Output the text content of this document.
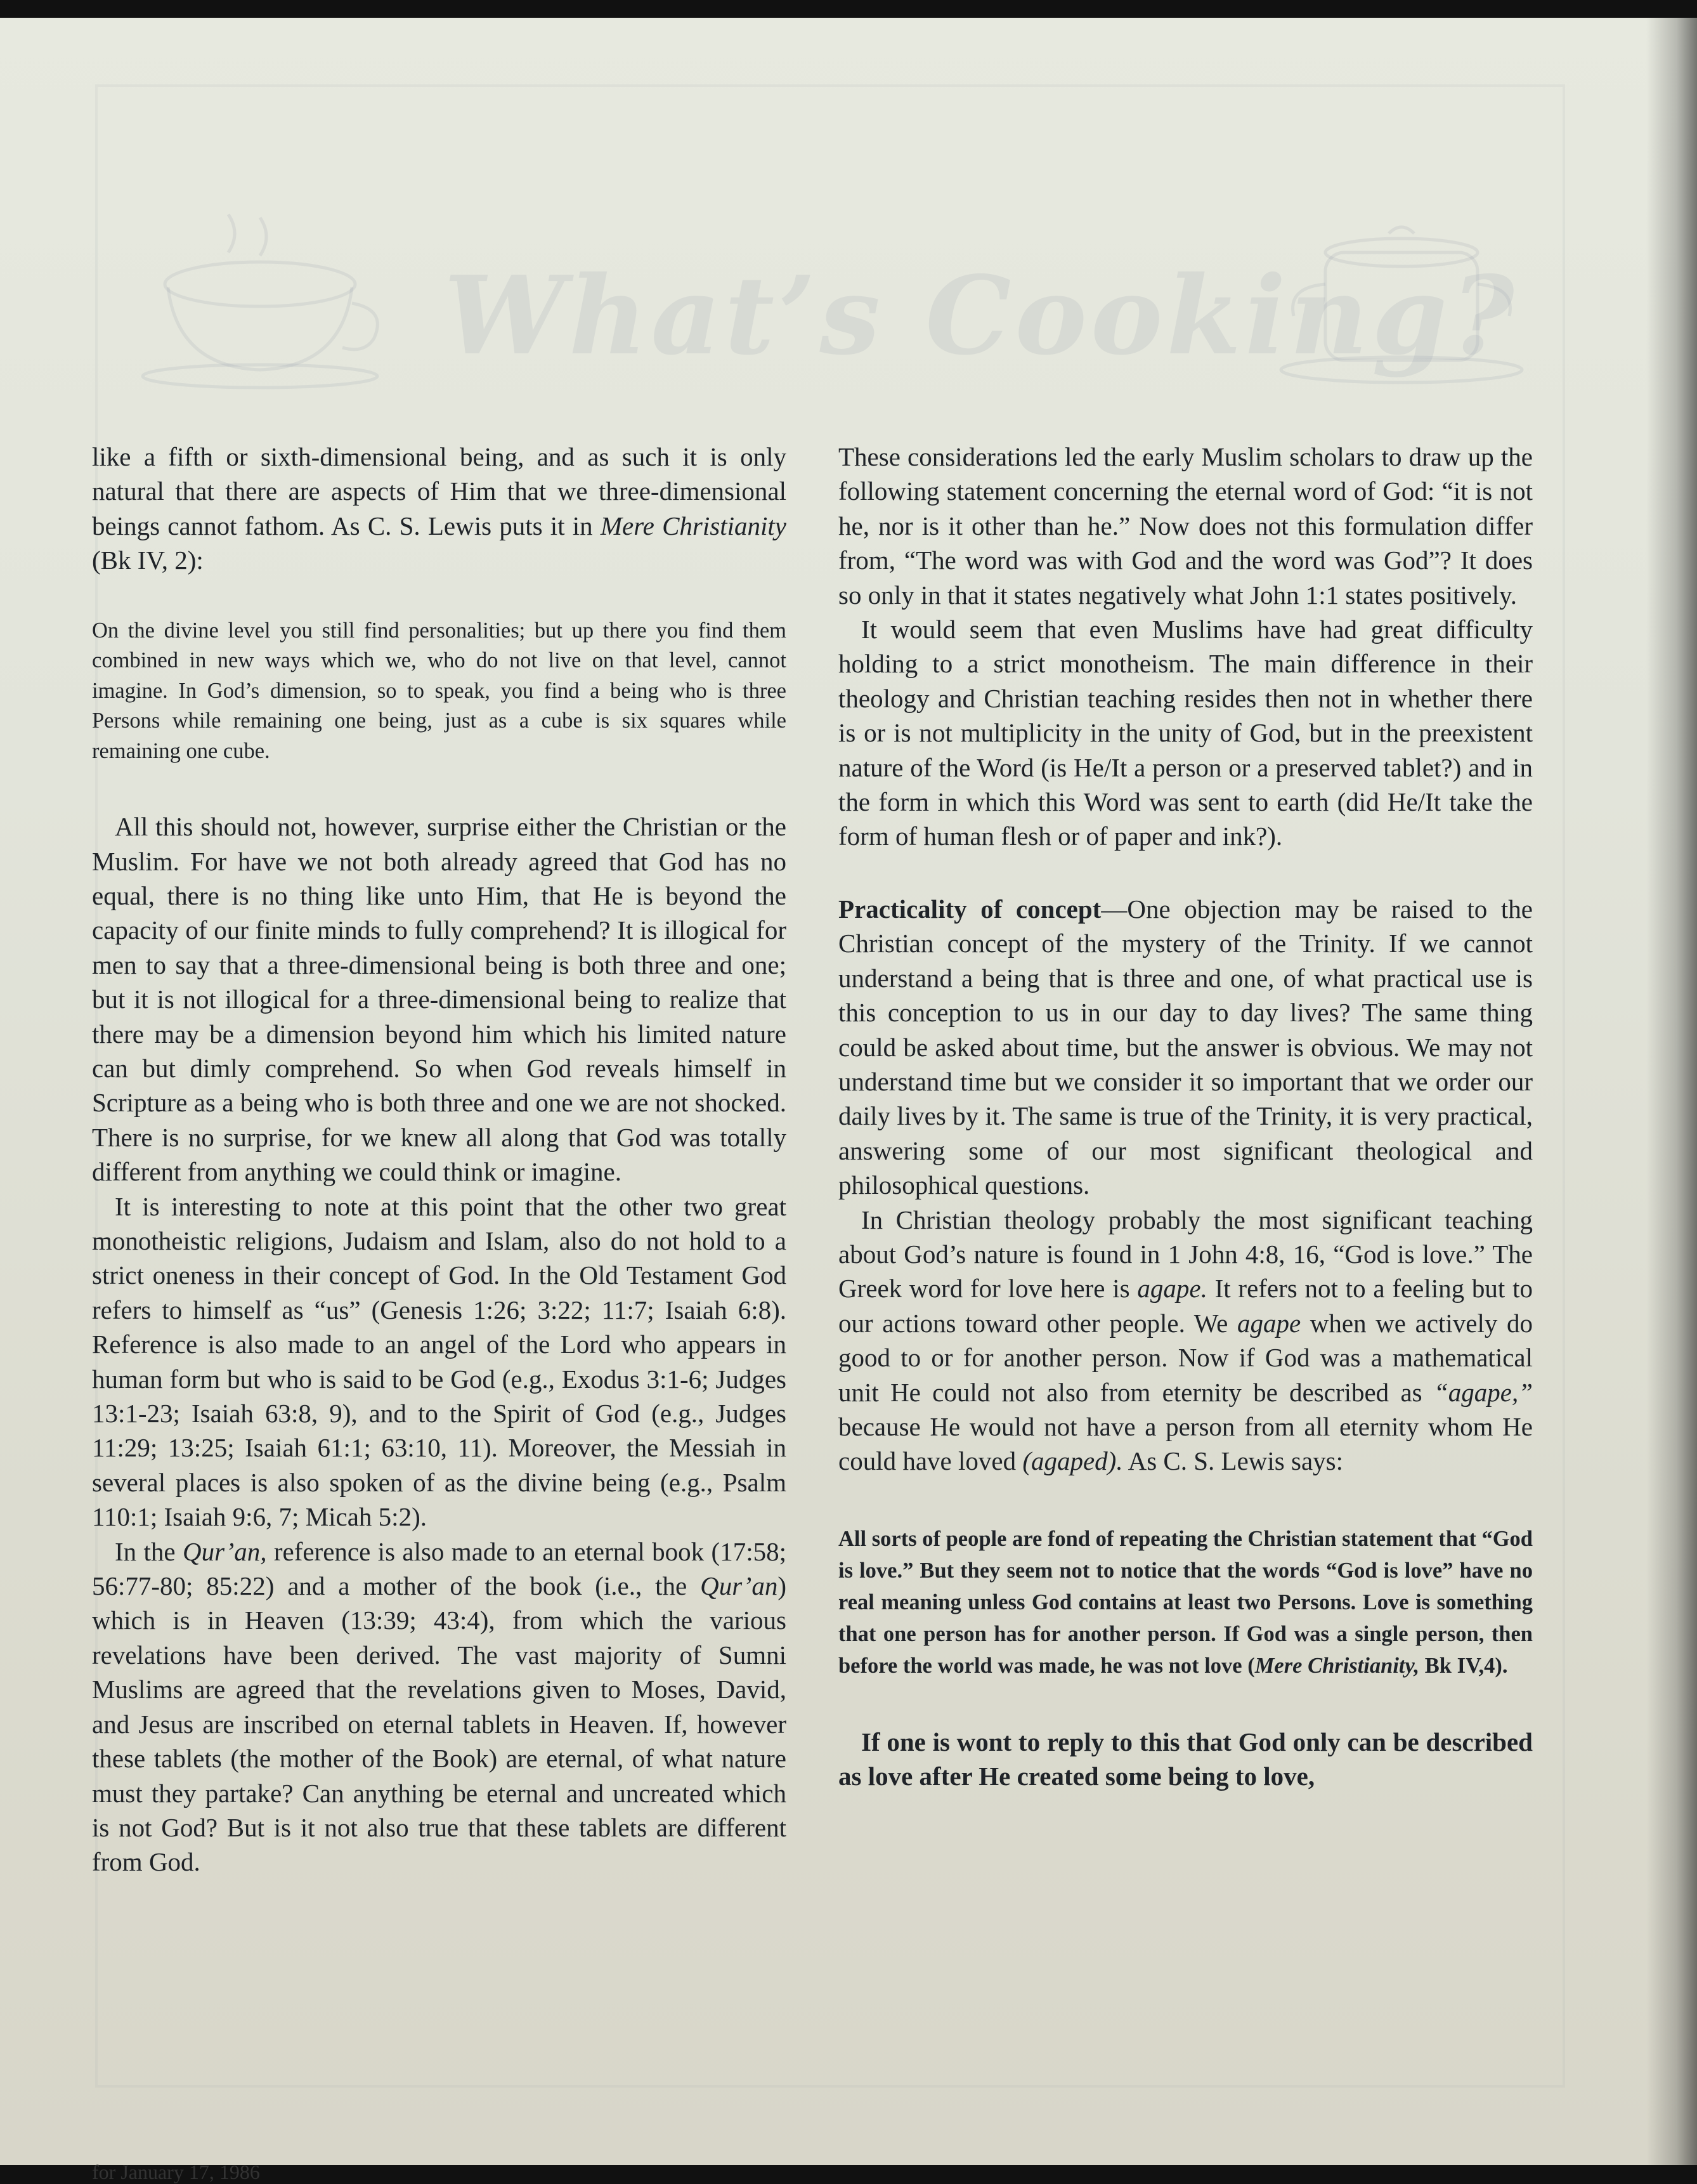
What’s Cooking?

like a fifth or sixth-dimensional being, and as such it is only natural that there are aspects of Him that we three-dimensional beings cannot fathom. As C. S. Lewis puts it in Mere Christianity (Bk IV, 2):

On the divine level you still find personalities; but up there you find them combined in new ways which we, who do not live on that level, cannot imagine. In God’s dimension, so to speak, you find a being who is three Persons while remaining one being, just as a cube is six squares while remaining one cube.

All this should not, however, surprise either the Christian or the Muslim. For have we not both already agreed that God has no equal, there is no thing like unto Him, that He is beyond the capacity of our finite minds to fully comprehend? It is illogical for men to say that a three-dimensional being is both three and one; but it is not illogical for a three-dimensional being to realize that there may be a dimension beyond him which his limited nature can but dimly comprehend. So when God reveals himself in Scripture as a being who is both three and one we are not shocked. There is no surprise, for we knew all along that God was totally different from anything we could think or imagine.

It is interesting to note at this point that the other two great monotheistic religions, Judaism and Islam, also do not hold to a strict oneness in their concept of God. In the Old Testament God refers to himself as “us” (Genesis 1:26; 3:22; 11:7; Isaiah 6:8). Reference is also made to an angel of the Lord who appears in human form but who is said to be God (e.g., Exodus 3:1-6; Judges 13:1-23; Isaiah 63:8, 9), and to the Spirit of God (e.g., Judges 11:29; 13:25; Isaiah 61:1; 63:10, 11). Moreover, the Messiah in several places is also spoken of as the divine being (e.g., Psalm 110:1; Isaiah 9:6, 7; Micah 5:2).

In the Qur’an, reference is also made to an eternal book (17:58; 56:77-80; 85:22) and a mother of the book (i.e., the Qur’an) which is in Heaven (13:39; 43:4), from which the various revelations have been derived. The vast majority of Sumni Muslims are agreed that the revelations given to Moses, David, and Jesus are inscribed on eternal tablets in Heaven. If, however these tablets (the mother of the Book) are eternal, of what nature must they partake? Can anything be eternal and uncreated which is not God? But is it not also true that these tablets are different from God.

These considerations led the early Muslim scholars to draw up the following statement concerning the eternal word of God: “it is not he, nor is it other than he.” Now does not this formulation differ from, “The word was with God and the word was God”? It does so only in that it states negatively what John 1:1 states positively.

It would seem that even Muslims have had great difficulty holding to a strict monotheism. The main difference in their theology and Christian teaching resides then not in whether there is or is not multiplicity in the unity of God, but in the preexistent nature of the Word (is He/It a person or a preserved tablet?) and in the form in which this Word was sent to earth (did He/It take the form of human flesh or of paper and ink?).

Practicality of concept—One objection may be raised to the Christian concept of the mystery of the Trinity. If we cannot understand a being that is three and one, of what practical use is this conception to us in our day to day lives? The same thing could be asked about time, but the answer is obvious. We may not understand time but we consider it so important that we order our daily lives by it. The same is true of the Trinity, it is very practical, answering some of our most significant theological and philosophical questions.

In Christian theology probably the most significant teaching about God’s nature is found in 1 John 4:8, 16, “God is love.” The Greek word for love here is agape. It refers not to a feeling but to our actions toward other people. We agape when we actively do good to or for another person. Now if God was a mathematical unit He could not also from eternity be described as “agape,” because He would not have a person from all eternity whom He could have loved (agaped). As C. S. Lewis says:

All sorts of people are fond of repeating the Christian statement that “God is love.” But they seem not to notice that the words “God is love” have no real meaning unless God contains at least two Persons. Love is something that one person has for another person. If God was a single person, then before the world was made, he was not love (Mere Christianity, Bk IV,4).

If one is wont to reply to this that God only can be described as love after He created some being to love,

for January 17, 1986
